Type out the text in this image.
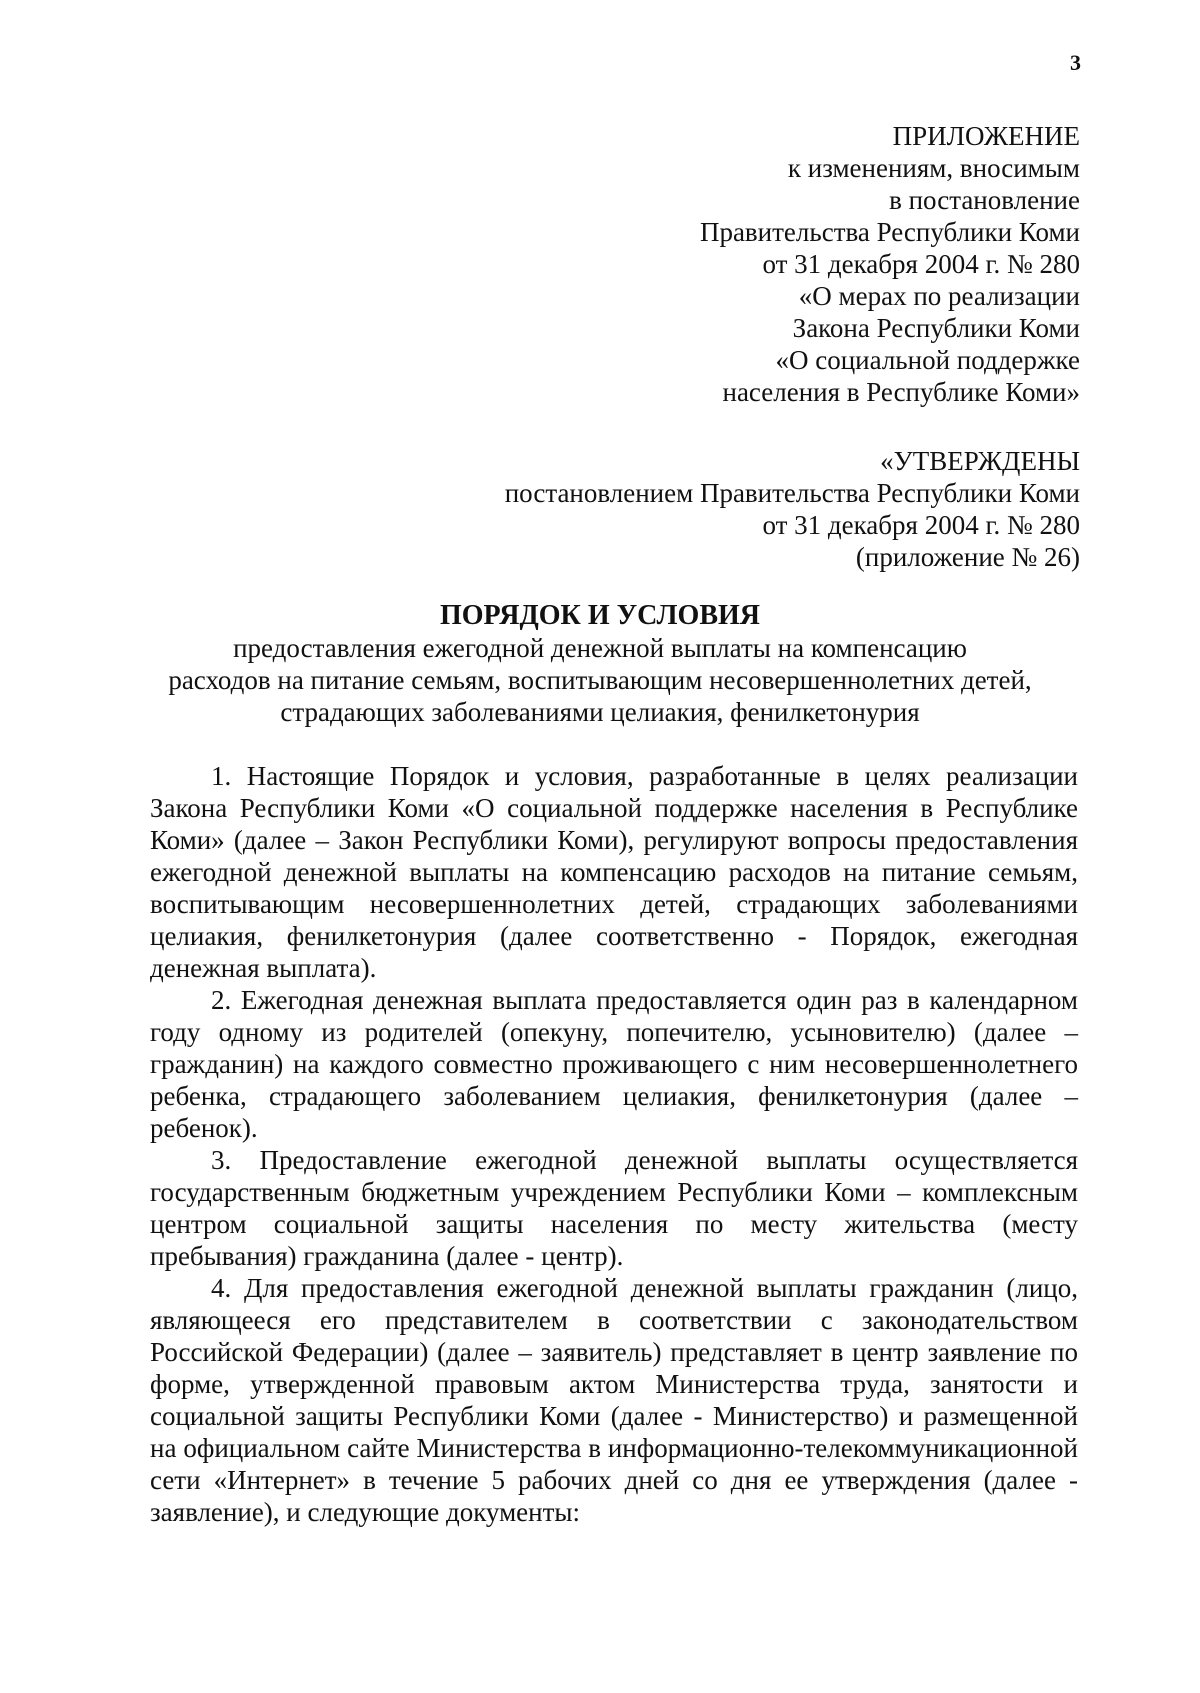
3
ПРИЛОЖЕНИЕ
к изменениям, вносимым
в постановление
Правительства Республики Коми
от 31 декабря 2004 г. № 280
«О мерах по реализации
Закона Республики Коми
«О социальной поддержке
населения в Республике Коми»
«УТВЕРЖДЕНЫ
постановлением Правительства Республики Коми
от 31 декабря 2004 г. № 280
(приложение № 26)
ПОРЯДОК И УСЛОВИЯ
предоставления ежегодной денежной выплаты на компенсацию
расходов на питание семьям, воспитывающим несовершеннолетних детей,
страдающих заболеваниями целиакия, фенилкетонурия

1. Настоящие Порядок и условия, разработанные в целях реализации Закона Республики Коми «О социальной поддержке населения в Республике Коми» (далее – Закон Республики Коми), регулируют вопросы предоставления ежегодной денежной выплаты на компенсацию расходов на питание семьям, воспитывающим несовершеннолетних детей, страдающих заболеваниями целиакия, фенилкетонурия (далее соответственно - Порядок, ежегодная денежная выплата).

2. Ежегодная денежная выплата предоставляется один раз в календарном году одному из родителей (опекуну, попечителю, усыновителю) (далее – гражданин) на каждого совместно проживающего с ним несовершеннолетнего ребенка, страдающего заболеванием целиакия, фенилкетонурия (далее – ребенок).

3. Предоставление ежегодной денежной выплаты осуществляется государственным бюджетным учреждением Республики Коми – комплексным центром социальной защиты населения по месту жительства (месту пребывания) гражданина (далее - центр).

4. Для предоставления ежегодной денежной выплаты гражданин (лицо, являющееся его представителем в соответствии с законодательством Российской Федерации) (далее – заявитель) представляет в центр заявление по форме, утвержденной правовым актом Министерства труда, занятости и социальной защиты Республики Коми (далее - Министерство) и размещенной на официальном сайте Министерства в информационно-телекоммуникационной сети «Интернет» в течение 5 рабочих дней со дня ее утверждения (далее - заявление), и следующие документы:
